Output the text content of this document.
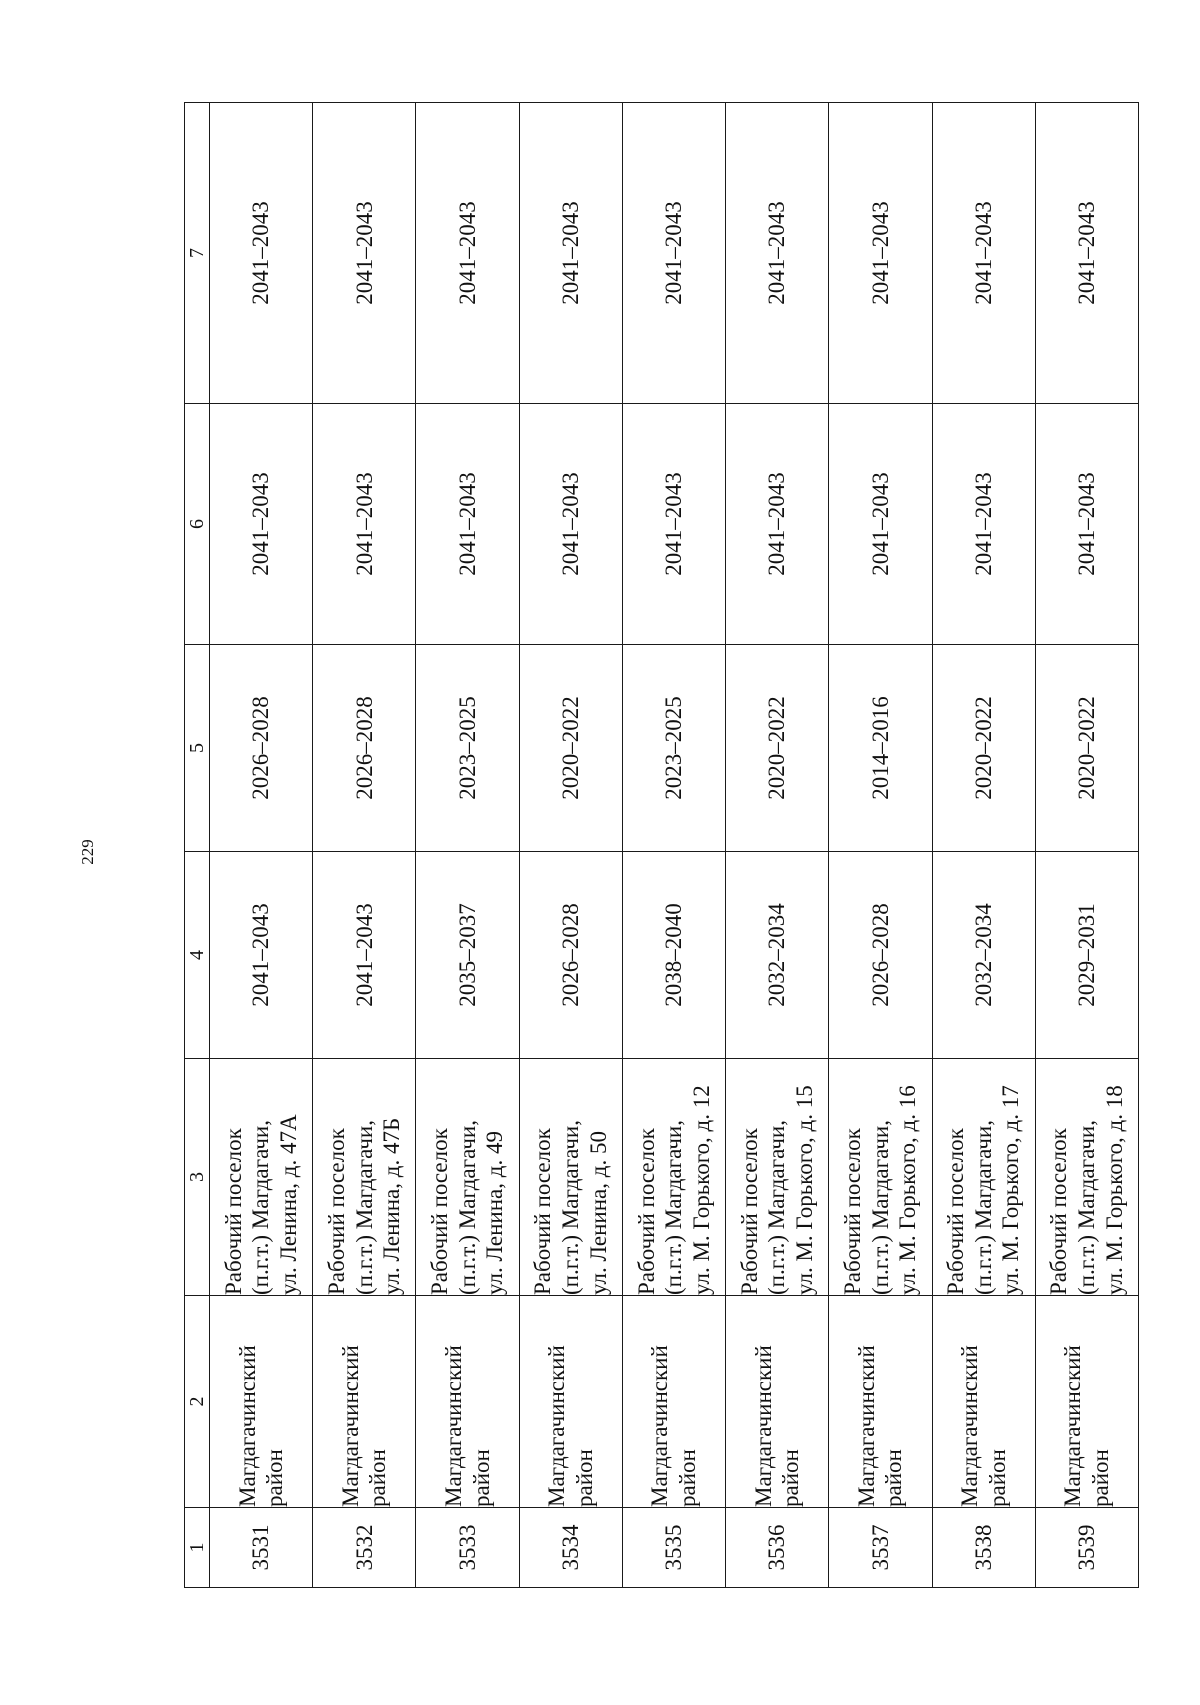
229
1	2	3	4	5	6	7
3531	Магдагачинский район	Рабочий поселок (п.г.т.) Магдагачи, ул. Ленина, д. 47А	2041–2043	2026–2028	2041–2043	2041–2043
3532	Магдагачинский район	Рабочий поселок (п.г.т.) Магдагачи, ул. Ленина, д. 47Б	2041–2043	2026–2028	2041–2043	2041–2043
3533	Магдагачинский район	Рабочий поселок (п.г.т.) Магдагачи, ул. Ленина, д. 49	2035–2037	2023–2025	2041–2043	2041–2043
3534	Магдагачинский район	Рабочий поселок (п.г.т.) Магдагачи, ул. Ленина, д. 50	2026–2028	2020–2022	2041–2043	2041–2043
3535	Магдагачинский район	Рабочий поселок (п.г.т.) Магдагачи, ул. М. Горького, д. 12	2038–2040	2023–2025	2041–2043	2041–2043
3536	Магдагачинский район	Рабочий поселок (п.г.т.) Магдагачи, ул. М. Горького, д. 15	2032–2034	2020–2022	2041–2043	2041–2043
3537	Магдагачинский район	Рабочий поселок (п.г.т.) Магдагачи, ул. М. Горького, д. 16	2026–2028	2014–2016	2041–2043	2041–2043
3538	Магдагачинский район	Рабочий поселок (п.г.т.) Магдагачи, ул. М. Горького, д. 17	2032–2034	2020–2022	2041–2043	2041–2043
3539	Магдагачинский район	Рабочий поселок (п.г.т.) Магдагачи, ул. М. Горького, д. 18	2029–2031	2020–2022	2041–2043	2041–2043
